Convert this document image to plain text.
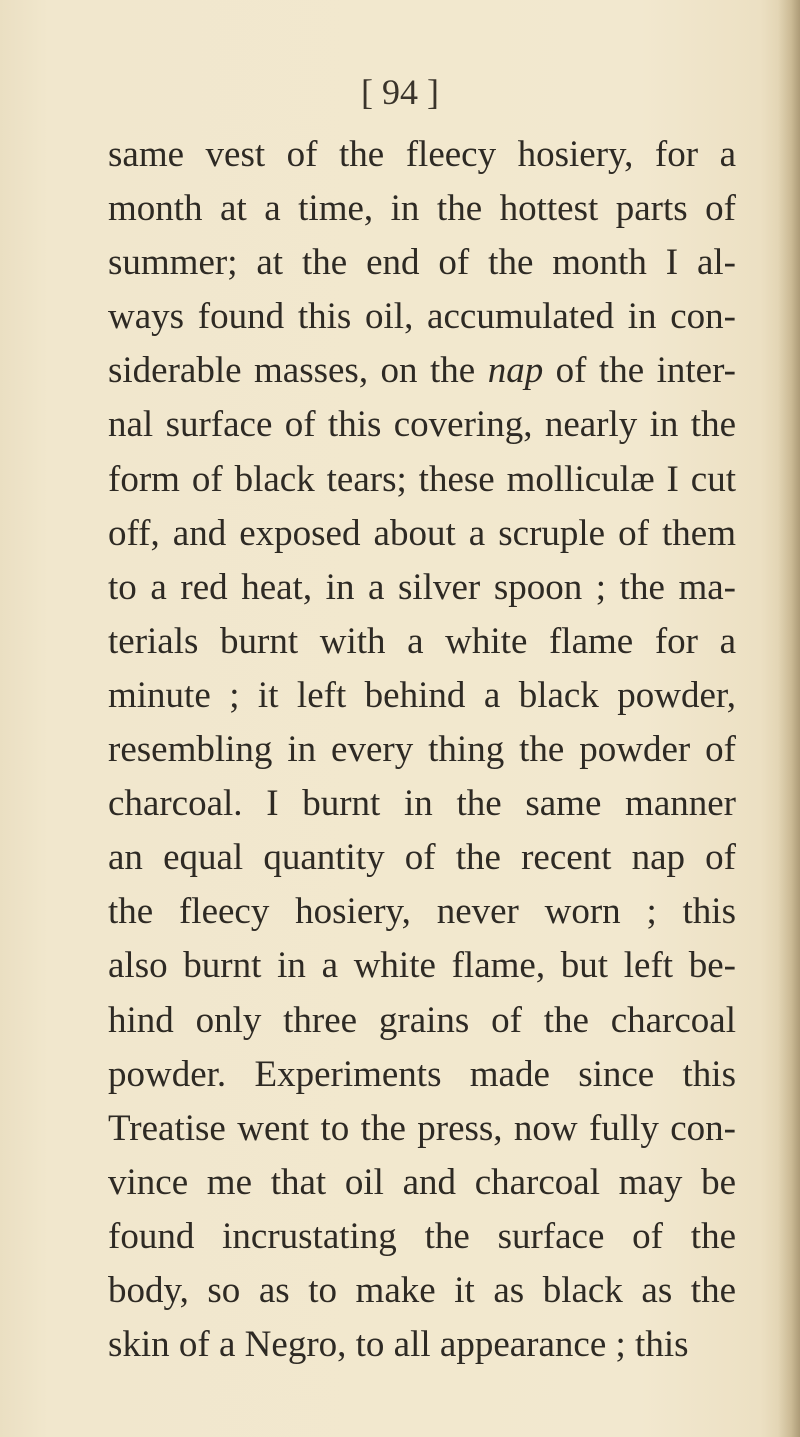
[ 94 ]
same vest of the fleecy hosiery, for a
month at a time, in the hottest parts of
summer; at the end of the month I al-
ways found this oil, accumulated in con-
siderable masses, on the nap of the inter-
nal surface of this covering, nearly in the
form of black tears; these molliculæ I cut
off, and exposed about a scruple of them
to a red heat, in a silver spoon ; the ma-
terials burnt with a white flame for a
minute ; it left behind a black powder,
resembling in every thing the powder of
charcoal. I burnt in the same manner
an equal quantity of the recent nap of
the fleecy hosiery, never worn ; this
also burnt in a white flame, but left be-
hind only three grains of the charcoal
powder. Experiments made since this
Treatise went to the press, now fully con-
vince me that oil and charcoal may be
found incrustating the surface of the
body, so as to make it as black as the
skin of a Negro, to all appearance ; this
